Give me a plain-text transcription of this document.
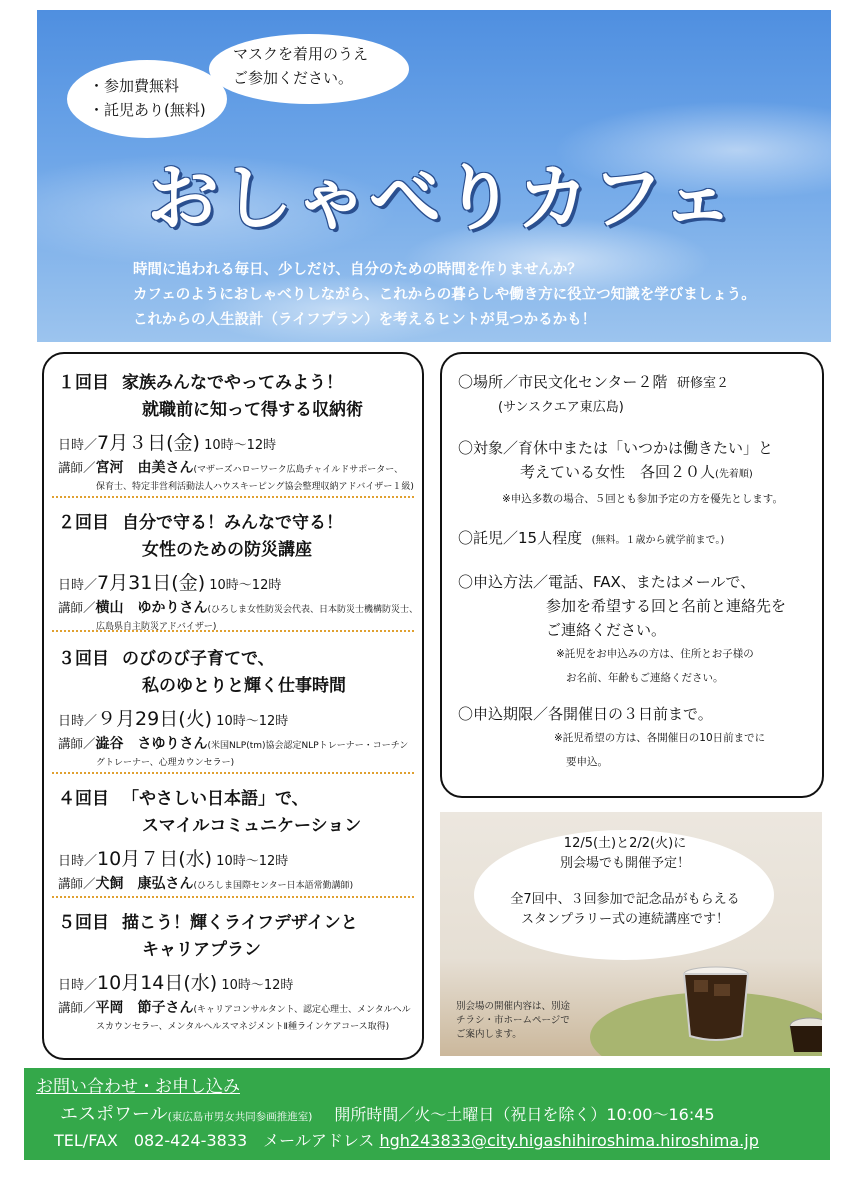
・参加費無料
・託児あり(無料)
マスクを着用のうえ
ご参加ください。
おしゃべりカフェ
時間に追われる毎日、少しだけ、自分のための時間を作りませんか？
カフェのようにおしゃべりしながら、これからの暮らしや働き方に役立つ知識を学びましょう。
これからの人生設計（ライフプラン）を考えるヒントが見つかるかも！
１回目 家族みんなでやってみよう！
就職前に知って得する収納術
日時／7月３日(金) 10時～12時
講師／宮河　由美さん(マザーズハローワーク広島チャイルドサポーター、
保育士、特定非営利活動法人ハウスキーピング協会整理収納アドバイザー１級)
２回目 自分で守る！みんなで守る！
女性のための防災講座
日時／7月31日(金) 10時～12時
講師／横山　ゆかりさん(ひろしま女性防災会代表、日本防災士機構防災士、
広島県自主防災アドバイザー)
３回目 のびのび子育てで、
私のゆとりと輝く仕事時間
日時／９月29日(火) 10時～12時
講師／澁谷　さゆりさん(米国NLP(tm)協会認定NLPトレーナー・コーチン
グトレーナー、心理カウンセラー)
４回目 「やさしい日本語」で、
スマイルコミュニケーション
日時／10月７日(水) 10時～12時
講師／犬飼　康弘さん(ひろしま国際センター日本語常勤講師)
５回目 描こう！輝くライフデザインと
キャリアプラン
日時／10月14日(水) 10時～12時
講師／平岡　節子さん(キャリアコンサルタント、認定心理士、メンタルヘル
スカウンセラー、メンタルヘルスマネジメントⅡ種ラインケアコース取得)
〇場所／市民文化センター２階 研修室２
(サンスクエア東広島)
〇対象／育休中または「いつかは働きたい」と
考えている女性　各回２０人(先着順)
※申込多数の場合、５回とも参加予定の方を優先とします。
〇託児／15人程度 (無料。１歳から就学前まで。)
〇申込方法／電話、FAX、またはメールで、
参加を希望する回と名前と連絡先を
ご連絡ください。
※託児をお申込みの方は、住所とお子様の
お名前、年齢もご連絡ください。
〇申込期限／各開催日の３日前まで。
※託児希望の方は、各開催日の10日前までに
要申込。
12/5(土)と2/2(火)に
別会場でも開催予定！
全7回中、３回参加で記念品がもらえる
スタンプラリー式の連続講座です！
別会場の開催内容は、別途
チラシ・市ホームページで
ご案内します。
お問い合わせ・お申し込み
エスポワール(東広島市男女共同参画推進室) 開所時間／火～土曜日（祝日を除く）10:00～16:45
TEL/FAX　082-424-3833　メールアドレス hgh243833@city.higashihiroshima.hiroshima.jp
